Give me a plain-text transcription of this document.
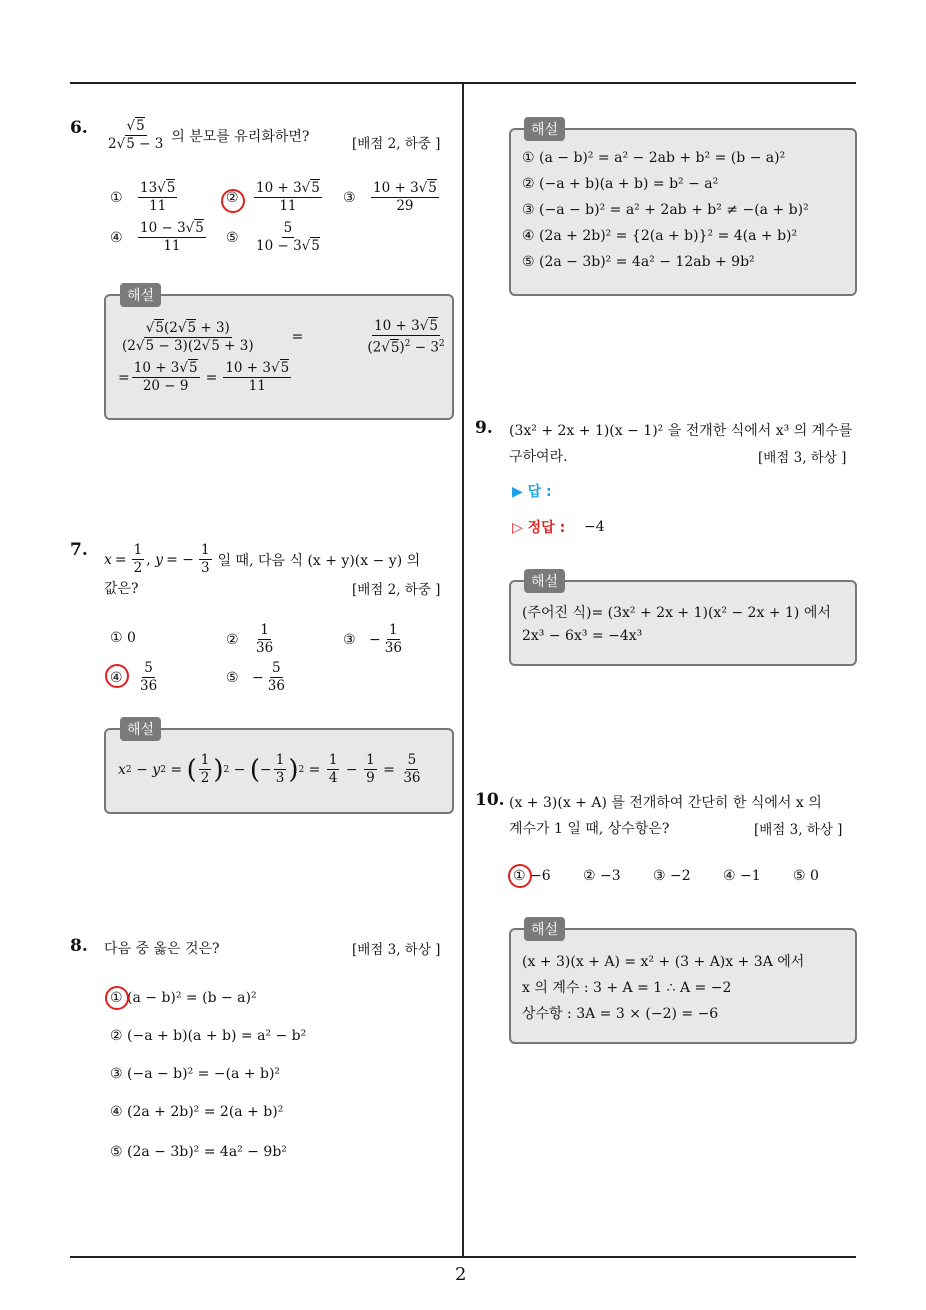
2
6. $\frac{√5}{2√5 - 3}$ 의 분모를 유리화하면?	[배점 2, 하중 ]
① $\frac{13√5}{11}$	② $\frac{10 + 3√5}{11}$ ③ $\frac{10 + 3√5}{29}$
④ $\frac{10 - 3√5}{11}$ ⑤ $\frac{5}{10 - 3√5}$
해설
$\frac{√5(2√5 + 3)}{(2√5 - 3)(2√5 + 3)}$	=	$\frac{10 + 3√5}{(2√5)^2 - 3^2}$
= $\frac{10 + 3√5}{20 - 9} = \frac{10 + 3√5}{11}$
7. $x = \frac{1}{2}$ , y = − $\frac{1}{3}$ 일 때, 다음 식 (x + y)(x − y) 의
값은?	[배점 2, 하중 ]
① 0	② $\frac{1}{36}$	③ − $\frac{1}{36}$
④ $\frac{5}{36}$	⑤ − $\frac{5}{36}$
해설
x 2 − y 2 = ( $\frac{1}{2}$ ) 2 − ( − $\frac{1}{3}$ ) $2 = \frac{1}{4} - \frac{1}{9} = \frac{5}{36}$
8. 다음 중 옳은 것은?	[배점 3, 하상 ]
① (a − b)² = (b − a)²
② (−a + b)(a + b) = a² − b²
③ (−a − b)² = −(a + b)²
④ (2a + 2b)² = 2(a + b)²
⑤ (2a − 3b)² = 4a² − 9b²
해설
① (a − b)² = a² − 2ab + b² = (b − a)²
② (−a + b)(a + b) = b² − a²
③ (−a − b)² = a² + 2ab + b² ≠ −(a + b)²
④ (2a + 2b)² = {2(a + b)}² = 4(a + b)²
⑤ (2a − 3b)² = 4a² − 12ab + 9b²
9. (3x² + 2x + 1)(x − 1)² 을 전개한 식에서 x³ 의 계수를
구하여라.	[배점 3, 하상 ]
▶ 답 :
▷ 정답 : −4
해설
(주어진 식)= (3x² + 2x + 1)(x² − 2x + 1) 에서
2x³ − 6x³ = −4x³
10. (x + 3)(x + A) 를 전개하여 간단히 한 식에서 x 의
계수가 1 일 때, 상수항은?	[배점 3, 하상 ]
① −6 ② −3 ③ −2 ④ −1 ⑤ 0
해설
(x + 3)(x + A) = x² + (3 + A)x + 3A 에서
x 의 계수 : 3 + A = 1 ∴ A = −2
상수항 : 3A = 3 × (−2) = −6
